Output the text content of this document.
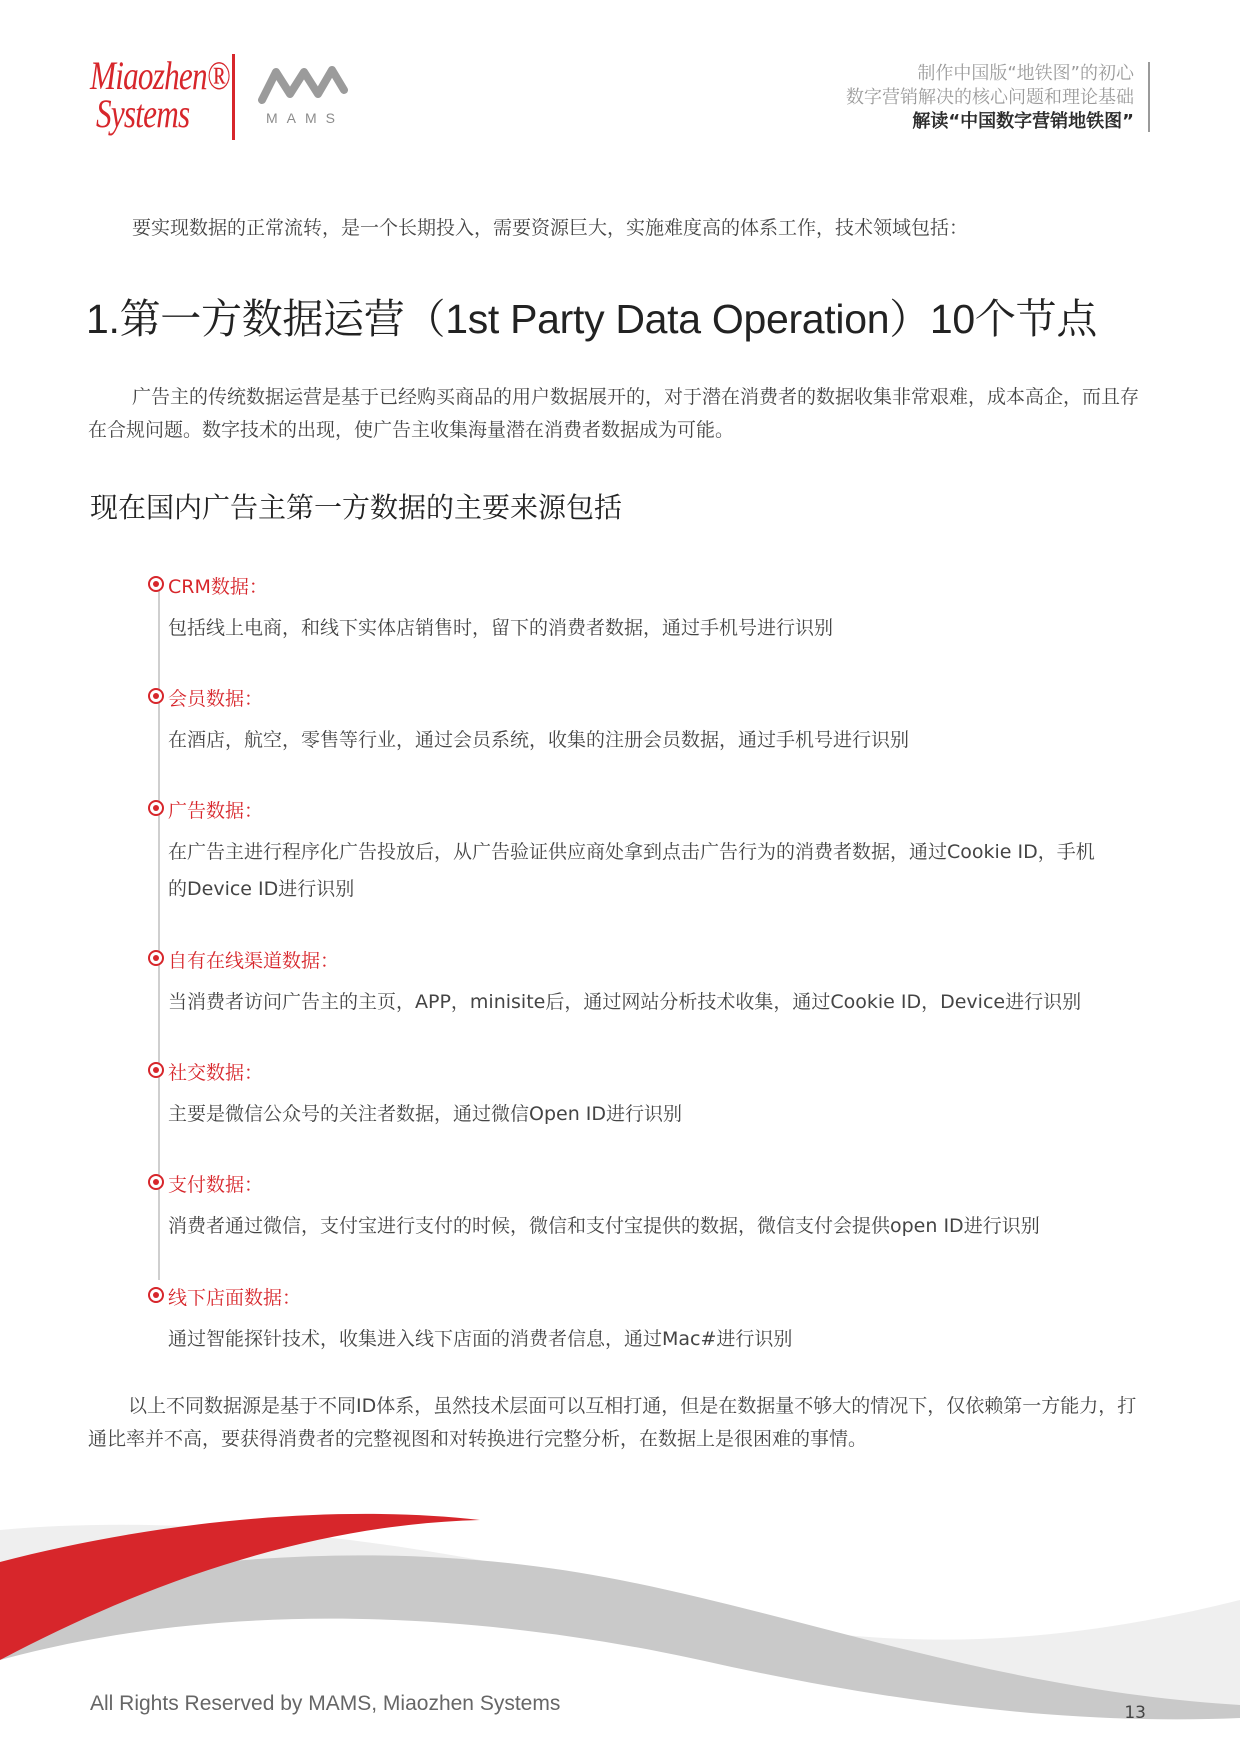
Miaozhen®
Systems	MAMS
制作中国版“地铁图”的初心
数字营销解决的核心问题和理论基础
解读“中国数字营销地铁图”
要实现数据的正常流转，是一个长期投入，需要资源巨大，实施难度高的体系工作，技术领域包括：
1.第一方数据运营（1st Party Data Operation）10个节点
广告主的传统数据运营是基于已经购买商品的用户数据展开的，对于潜在消费者的数据收集非常艰难，成本高企，而且存在合规问题。数字技术的出现，使广告主收集海量潜在消费者数据成为可能。
现在国内广告主第一方数据的主要来源包括
CRM数据：
包括线上电商，和线下实体店销售时，留下的消费者数据，通过手机号进行识别
会员数据：
在酒店，航空，零售等行业，通过会员系统，收集的注册会员数据，通过手机号进行识别
广告数据：
在广告主进行程序化广告投放后，从广告验证供应商处拿到点击广告行为的消费者数据，通过Cookie ID，手机的Device ID进行识别
自有在线渠道数据：
当消费者访问广告主的主页，APP，minisite后，通过网站分析技术收集，通过Cookie ID，Device进行识别
社交数据：
主要是微信公众号的关注者数据，通过微信Open ID进行识别
支付数据：
消费者通过微信，支付宝进行支付的时候，微信和支付宝提供的数据，微信支付会提供open ID进行识别
线下店面数据：
通过智能探针技术，收集进入线下店面的消费者信息，通过Mac#进行识别
以上不同数据源是基于不同ID体系，虽然技术层面可以互相打通，但是在数据量不够大的情况下，仅依赖第一方能力，打通比率并不高，要获得消费者的完整视图和对转换进行完整分析，在数据上是很困难的事情。
All Rights Reserved by MAMS, Miaozhen Systems	13
